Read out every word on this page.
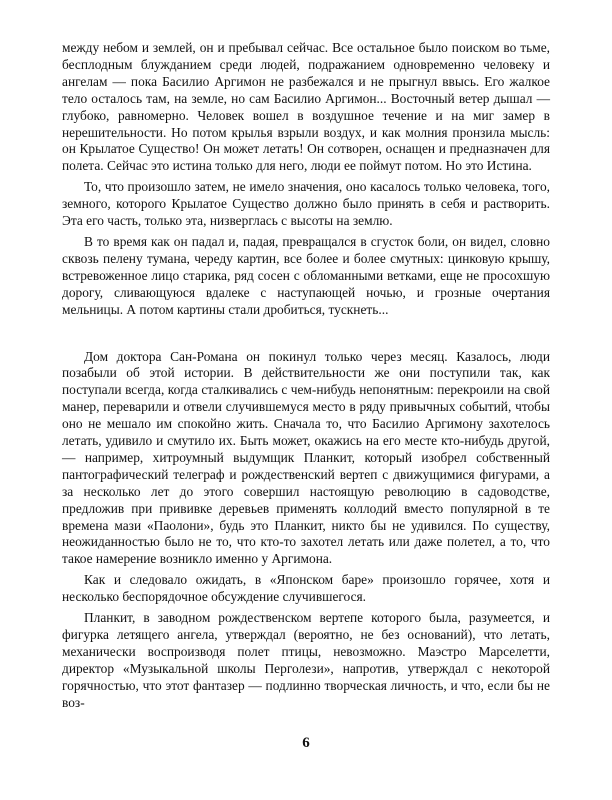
между небом и землей, он и пребывал сейчас. Все остальное было поиском во тьме, бесплодным блужданием среди людей, подражанием одновременно человеку и ангелам — пока Басилио Аргимон не разбежался и не прыгнул ввысь. Его жалкое тело осталось там, на земле, но сам Басилио Аргимон... Восточный ветер дышал — глубоко, равномерно. Человек вошел в воздушное течение и на миг замер в нерешительности. Но потом крылья взрыли воздух, и как молния пронзила мысль: он Крылатое Существо! Он может летать! Он сотворен, оснащен и предназначен для полета. Сейчас это истина только для него, люди ее поймут потом. Но это Истина.

То, что произошло затем, не имело значения, оно касалось только человека, того, земного, которого Крылатое Существо должно было принять в себя и растворить. Эта его часть, только эта, низверглась с высоты на землю.

В то время как он падал и, падая, превращался в сгусток боли, он видел, словно сквозь пелену тумана, череду картин, все более и более смутных: цинковую крышу, встревоженное лицо старика, ряд сосен с обломанными ветками, еще не просохшую дорогу, сливающуюся вдалеке с наступающей ночью, и грозные очертания мельницы. А потом картины стали дробиться, тускнеть...

Дом доктора Сан-Романа он покинул только через месяц. Казалось, люди позабыли об этой истории. В действительности же они поступили так, как поступали всегда, когда сталкивались с чем-нибудь непонятным: перекроили на свой манер, переварили и отвели случившемуся место в ряду привычных событий, чтобы оно не мешало им спокойно жить. Сначала то, что Басилио Аргимону захотелось летать, удивило и смутило их. Быть может, окажись на его месте кто-нибудь другой,— например, хитроумный выдумщик Планкит, который изобрел собственный пантографический телеграф и рождественский вертеп с движущимися фигурами, а за несколько лет до этого совершил настоящую революцию в садоводстве, предложив при прививке деревьев применять коллодий вместо популярной в те времена мази «Паолони», будь это Планкит, никто бы не удивился. По существу, неожиданностью было не то, что кто-то захотел летать или даже полетел, а то, что такое намерение возникло именно у Аргимона.

Как и следовало ожидать, в «Японском баре» произошло горячее, хотя и несколько беспорядочное обсуждение случившегося.

Планкит, в заводном рождественском вертепе которого была, разумеется, и фигурка летящего ангела, утверждал (вероятно, не без оснований), что летать, механически воспроизводя полет птицы, невозможно. Маэстро Марселетти, директор «Музыкальной школы Перголези», напротив, утверждал с некоторой горячностью, что этот фантазер — подлинно творческая личность, и что, если бы не воз-

6
